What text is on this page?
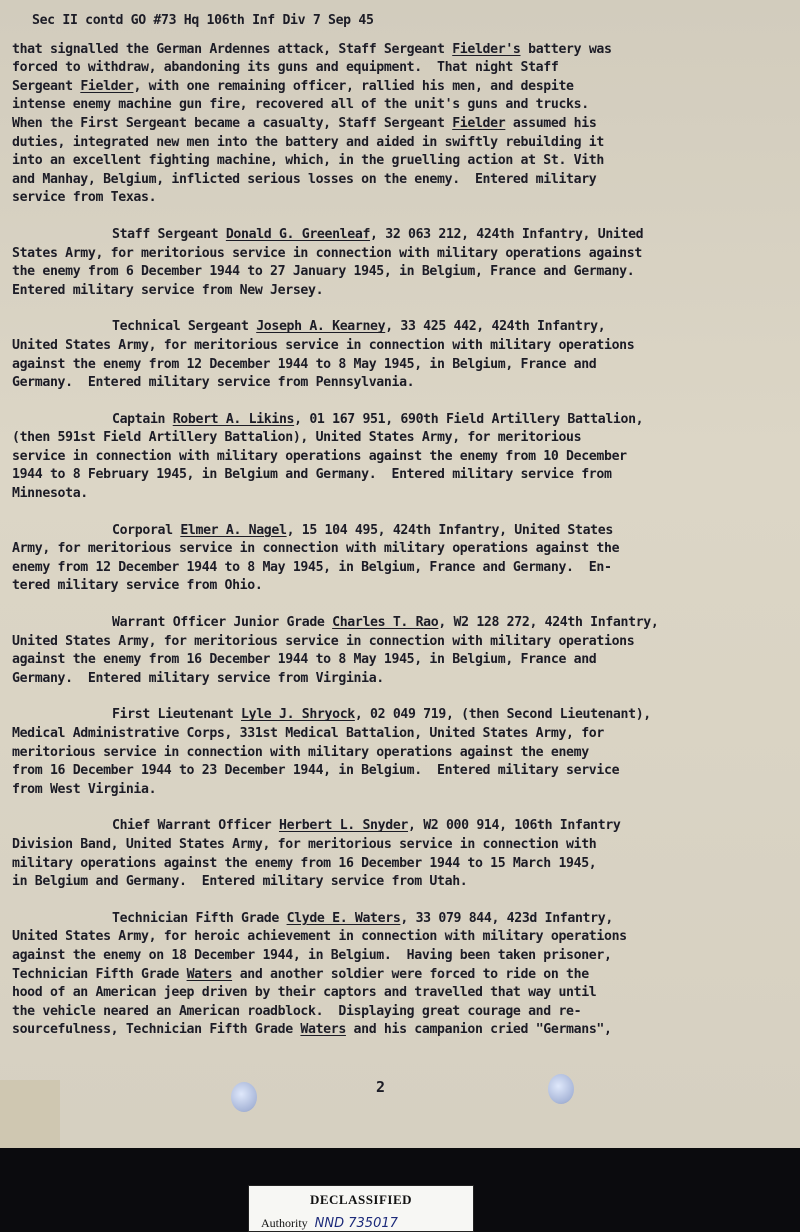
Sec II contd GO #73 Hq 106th Inf Div 7 Sep 45
that signalled the German Ardennes attack, Staff Sergeant Fielder's battery was
forced to withdraw, abandoning its guns and equipment.  That night Staff
Sergeant Fielder, with one remaining officer, rallied his men, and despite
intense enemy machine gun fire, recovered all of the unit's guns and trucks.
When the First Sergeant became a casualty, Staff Sergeant Fielder assumed his
duties, integrated new men into the battery and aided in swiftly rebuilding it
into an excellent fighting machine, which, in the gruelling action at St. Vith
and Manhay, Belgium, inflicted serious losses on the enemy.  Entered military
service from Texas.
Staff Sergeant Donald G. Greenleaf, 32 063 212, 424th Infantry, United
States Army, for meritorious service in connection with military operations against
the enemy from 6 December 1944 to 27 January 1945, in Belgium, France and Germany.
Entered military service from New Jersey.
Technical Sergeant Joseph A. Kearney, 33 425 442, 424th Infantry,
United States Army, for meritorious service in connection with military operations
against the enemy from 12 December 1944 to 8 May 1945, in Belgium, France and
Germany.  Entered military service from Pennsylvania.
Captain Robert A. Likins, 01 167 951, 690th Field Artillery Battalion,
(then 591st Field Artillery Battalion), United States Army, for meritorious
service in connection with military operations against the enemy from 10 December
1944 to 8 February 1945, in Belgium and Germany.  Entered military service from
Minnesota.
Corporal Elmer A. Nagel, 15 104 495, 424th Infantry, United States
Army, for meritorious service in connection with military operations against the
enemy from 12 December 1944 to 8 May 1945, in Belgium, France and Germany.  En-
tered military service from Ohio.
Warrant Officer Junior Grade Charles T. Rao, W2 128 272, 424th Infantry,
United States Army, for meritorious service in connection with military operations
against the enemy from 16 December 1944 to 8 May 1945, in Belgium, France and
Germany.  Entered military service from Virginia.
First Lieutenant Lyle J. Shryock, 02 049 719, (then Second Lieutenant),
Medical Administrative Corps, 331st Medical Battalion, United States Army, for
meritorious service in connection with military operations against the enemy
from 16 December 1944 to 23 December 1944, in Belgium.  Entered military service
from West Virginia.
Chief Warrant Officer Herbert L. Snyder, W2 000 914, 106th Infantry
Division Band, United States Army, for meritorious service in connection with
military operations against the enemy from 16 December 1944 to 15 March 1945,
in Belgium and Germany.  Entered military service from Utah.
Technician Fifth Grade Clyde E. Waters, 33 079 844, 423d Infantry,
United States Army, for heroic achievement in connection with military operations
against the enemy on 18 December 1944, in Belgium.  Having been taken prisoner,
Technician Fifth Grade Waters and another soldier were forced to ride on the
hood of an American jeep driven by their captors and travelled that way until
the vehicle neared an American roadblock.  Displaying great courage and re-
sourcefulness, Technician Fifth Grade Waters and his campanion cried "Germans",
2
DECLASSIFIED
Authority NND 735017
